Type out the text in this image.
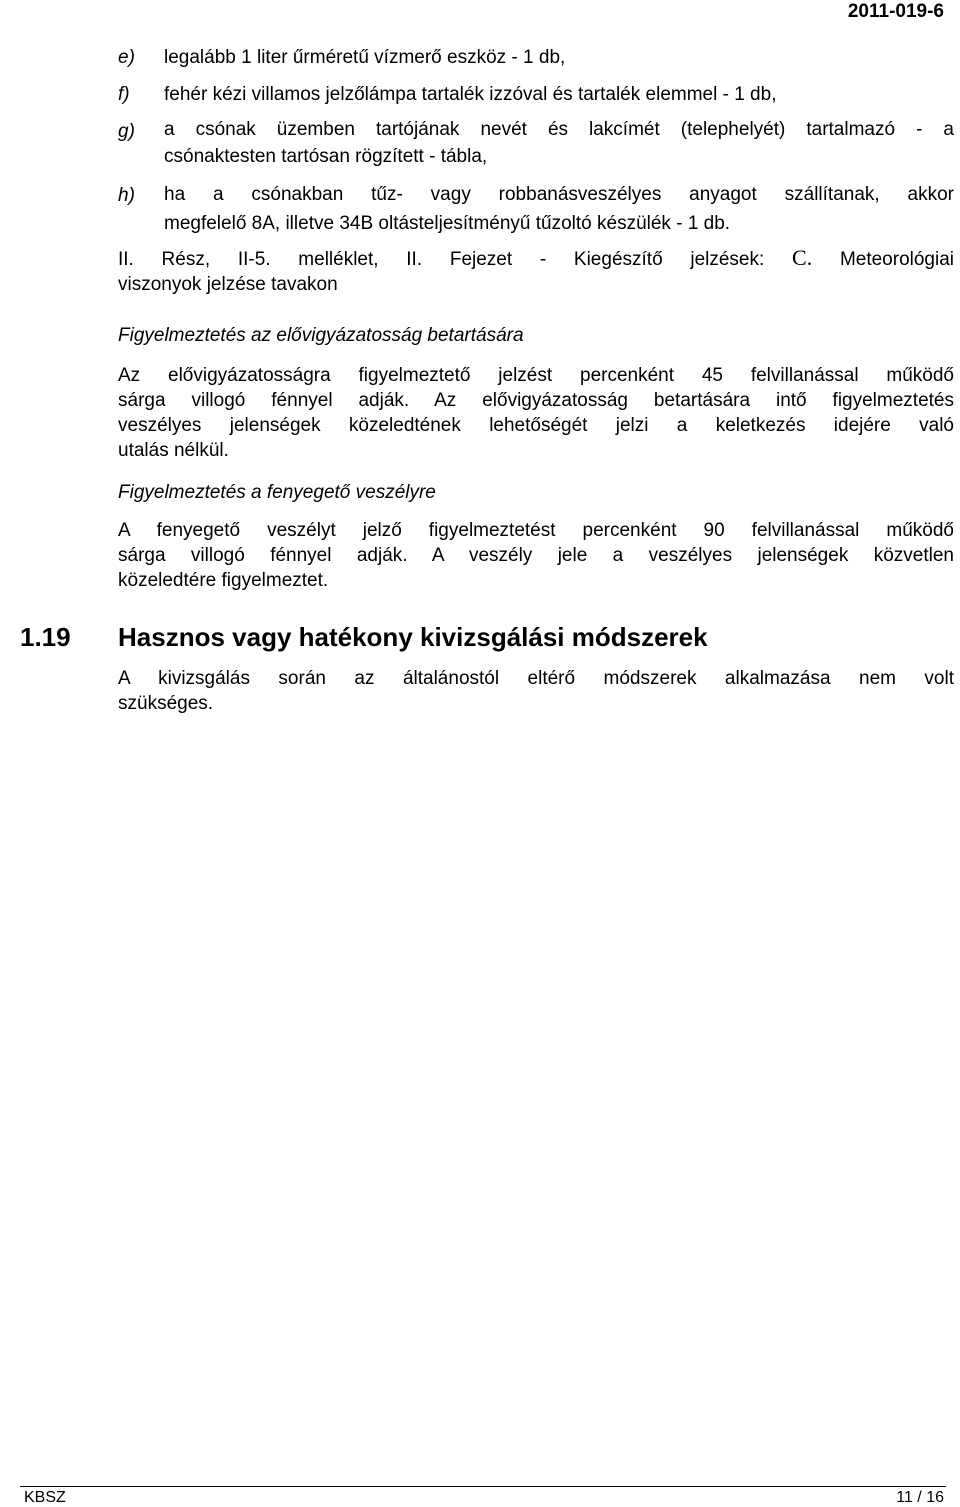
2011-019-6
e) legalább 1 liter űrméretű vízmerő eszköz - 1 db,
f) fehér kézi villamos jelzőlámpa tartalék izzóval és tartalék elemmel - 1 db,
g) a csónak üzemben tartójának nevét és lakcímét (telephelyét) tartalmazó - a
csónaktesten tartósan rögzített - tábla,
h) ha a csónakban tűz- vagy robbanásveszélyes anyagot szállítanak, akkor
megfelelő 8A, illetve 34B oltásteljesítményű tűzoltó készülék - 1 db.
II. Rész, II-5. melléklet, II. Fejezet - Kiegészítő jelzések: C. Meteorológiai
viszonyok jelzése tavakon
Figyelmeztetés az elővigyázatosság betartására
Az elővigyázatosságra figyelmeztető jelzést percenként 45 felvillanással működő
sárga villogó fénnyel adják. Az elővigyázatosság betartására intő figyelmeztetés
veszélyes jelenségek közeledtének lehetőségét jelzi a keletkezés idejére való
utalás nélkül.
Figyelmeztetés a fenyegető veszélyre
A fenyegető veszélyt jelző figyelmeztetést percenként 90 felvillanással működő
sárga villogó fénnyel adják. A veszély jele a veszélyes jelenségek közvetlen
közeledtére figyelmeztet.
1.19 Hasznos vagy hatékony kivizsgálási módszerek
A kivizsgálás során az általánostól eltérő módszerek alkalmazása nem volt
szükséges.
KBSZ	11 / 16
